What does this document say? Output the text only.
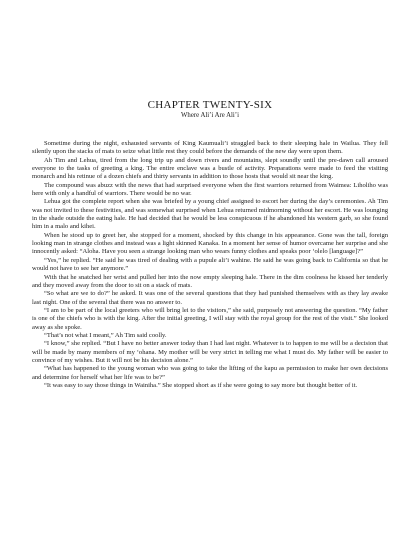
CHAPTER TWENTY-SIX
Where Ali’i Are Ali’i

Sometime during the night, exhausted servants of King Kaumuali’i straggled back to their sleeping hale in Wailua. They fell silently upon the stacks of mats to seize what little rest they could before the demands of the new day were upon them.

Ah Tim and Lehua, tired from the long trip up and down rivers and mountains, slept soundly until the pre-dawn call aroused everyone to the tasks of greeting a king. The entire enclave was a bustle of activity. Preparations were made to feed the visiting monarch and his retinue of a dozen chiefs and thirty servants in addition to those hosts that would sit near the king.

The compound was abuzz with the news that had surprised everyone when the first warriors returned from Waimea: Liholiho was here with only a handful of warriors. There would be no war.

Lehua got the complete report when she was briefed by a young chief assigned to escort her during the day’s ceremonies. Ah Tim was not invited to these festivities, and was somewhat surprised when Lehua returned midmorning without her escort. He was lounging in the shade outside the eating hale. He had decided that he would be less conspicuous if he abandoned his western garb, so she found him in a malo and kihei.

When he stood up to greet her, she stopped for a moment, shocked by this change in his appearance. Gone was the tall, foreign looking man in strange clothes and instead was a light skinned Kanaka. In a moment her sense of humor overcame her surprise and she innocently asked: “Aloha. Have you seen a strange looking man who wears funny clothes and speaks poor ‘olelo [language]?”

“Yes,” he replied. “He said he was tired of dealing with a pupule ali’i wahine. He said he was going back to California so that he would not have to see her anymore.”

With that he snatched her wrist and pulled her into the now empty sleeping hale. There in the dim coolness he kissed her tenderly and they moved away from the door to sit on a stack of mats.

“So what are we to do?” he asked. It was one of the several questions that they had punished themselves with as they lay awake last night. One of the several that there was no answer to.

“I am to be part of the local greeters who will bring lei to the visitors,” she said, purposely not answering the question. “My father is one of the chiefs who is with the king. After the initial greeting, I will stay with the royal group for the rest of the visit.” She looked away as she spoke.

“That’s not what I meant,” Ah Tim said coolly.

“I know,” she replied. “But I have no better answer today than I had last night. Whatever is to happen to me will be a decision that will be made by many members of my ‘ohana. My mother will be very strict in telling me what I must do. My father will be easier to convince of my wishes. But it will not be his decision alone.”

“What has happened to the young woman who was going to take the lifting of the kapu as permission to make her own decisions and determine for herself what her life was to be?”

“It was easy to say those things in Wainiha.” She stopped short as if she were going to say more but thought better of it.
